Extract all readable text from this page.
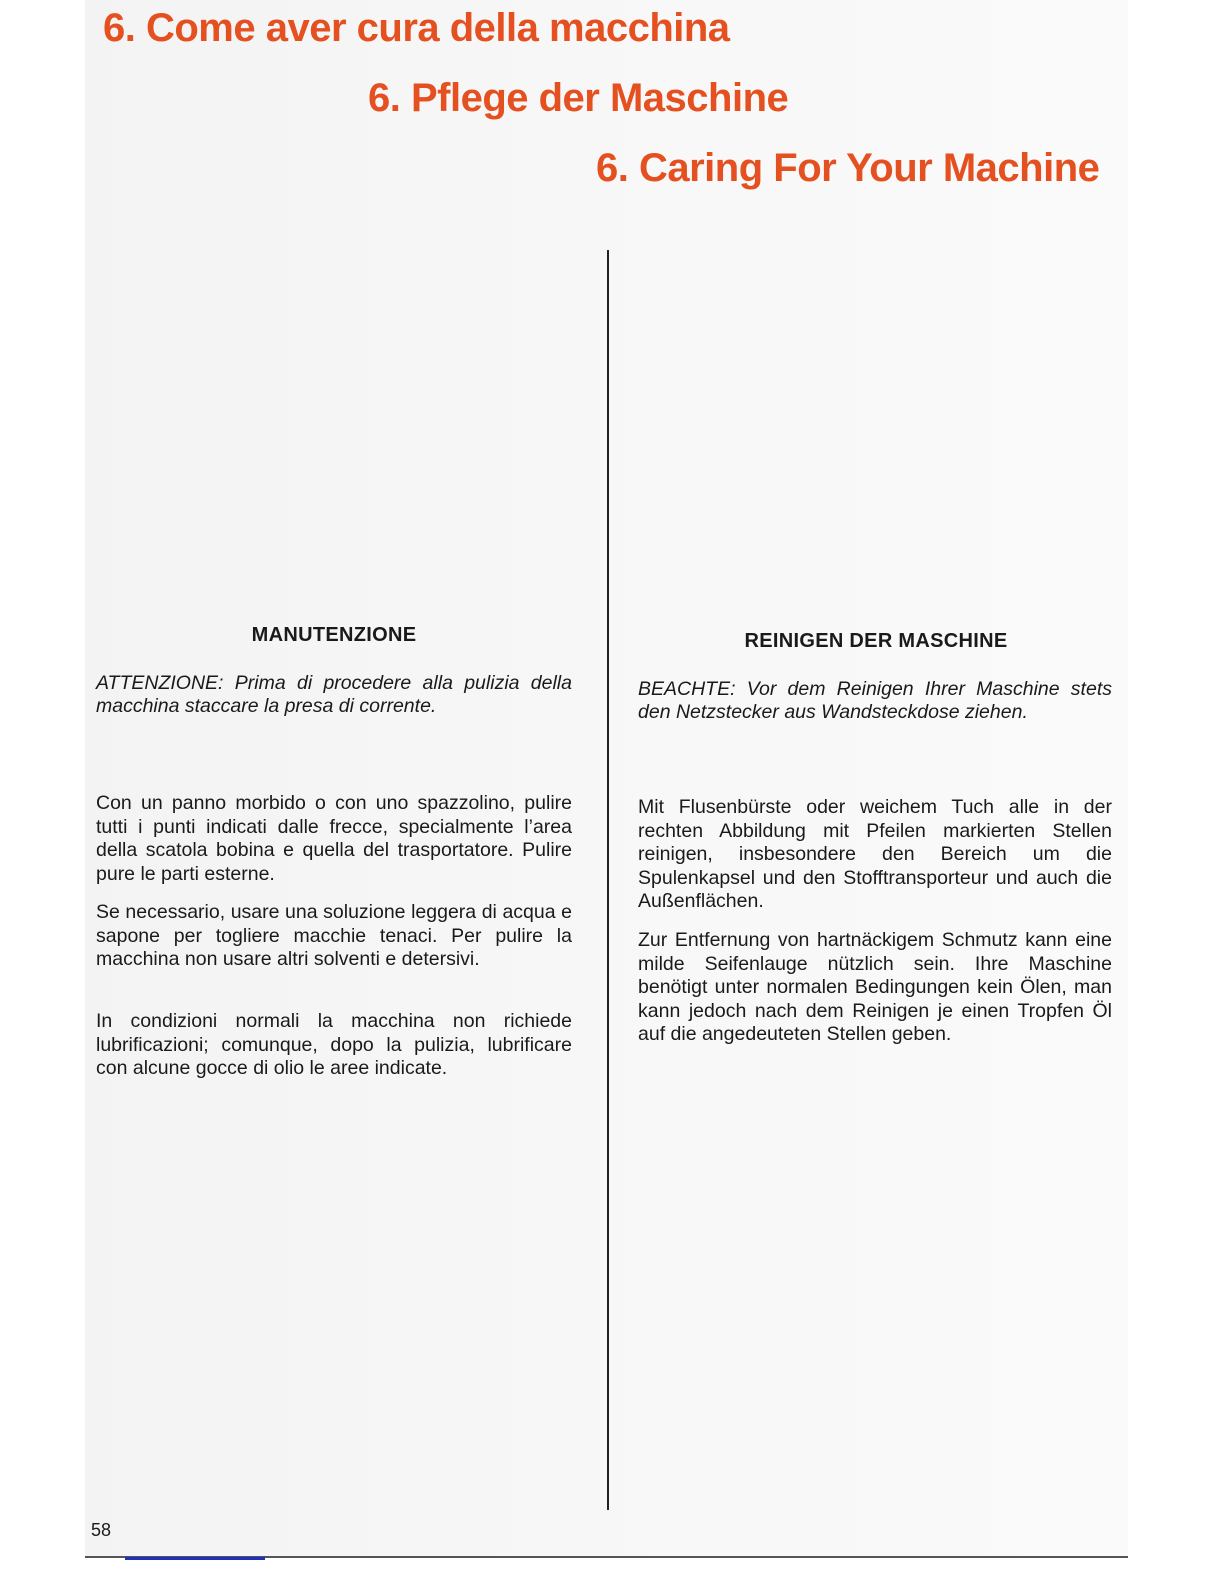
6. Come aver cura della macchina
6. Pflege der Maschine
6. Caring For Your Machine
MANUTENZIONE

ATTENZIONE: Prima di procedere alla pulizia della macchina staccare la presa di corrente.

Con un panno morbido o con uno spazzolino, pulire tutti i punti indicati dalle frecce, specialmente l’area della scatola bobina e quella del trasportatore. Pulire pure le parti esterne.

Se necessario, usare una soluzione leggera di acqua e sapone per togliere macchie tenaci. Per pulire la macchina non usare altri solventi e detersivi.

In condizioni normali la macchina non richiede lubrificazioni; comunque, dopo la pulizia, lubrificare con alcune gocce di olio le aree indicate.

REINIGEN DER MASCHINE

BEACHTE: Vor dem Reinigen Ihrer Maschine stets den Netzstecker aus Wandsteckdose ziehen.

Mit Flusenbürste oder weichem Tuch alle in der rechten Abbildung mit Pfeilen markierten Stellen reinigen, insbesondere den Bereich um die Spulenkapsel und den Stofftransporteur und auch die Außenflächen.

Zur Entfernung von hartnäckigem Schmutz kann eine milde Seifenlauge nützlich sein. Ihre Maschine benötigt unter normalen Bedingungen kein Ölen, man kann jedoch nach dem Reinigen je einen Tropfen Öl auf die angedeuteten Stellen geben.

58
